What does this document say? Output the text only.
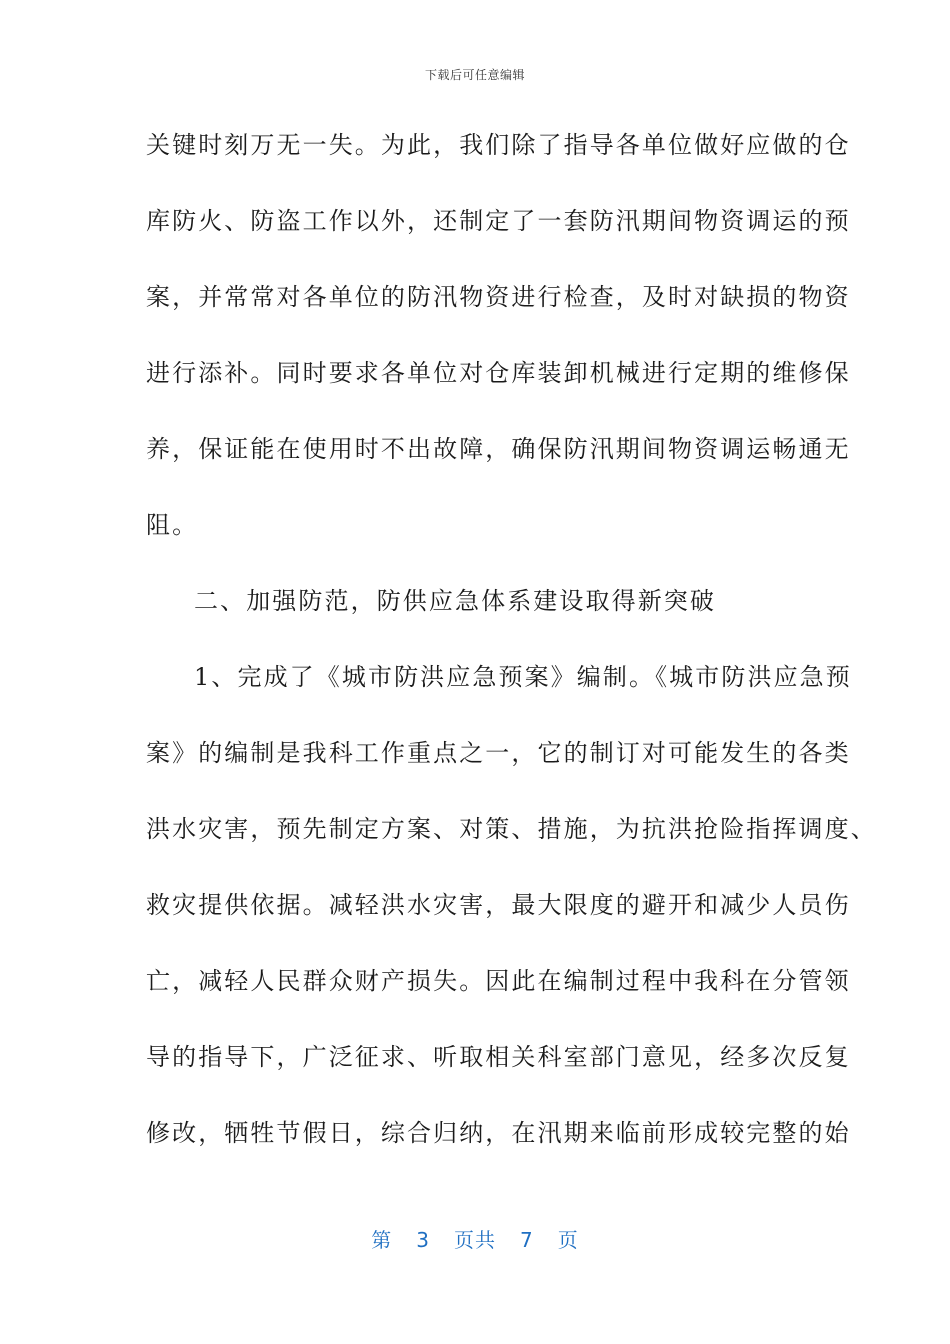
下载后可任意编辑
关键时刻万无一失。为此，我们除了指导各单位做好应做的仓
库防火、防盗工作以外，还制定了一套防汛期间物资调运的预
案，并常常对各单位的防汛物资进行检查，及时对缺损的物资
进行添补。同时要求各单位对仓库装卸机械进行定期的维修保
养，保证能在使用时不出故障，确保防汛期间物资调运畅通无
阻。
二、加强防范，防供应急体系建设取得新突破
1、完成了《城市防洪应急预案》编制。《城市防洪应急预
案》的编制是我科工作重点之一，它的制订对可能发生的各类
洪水灾害，预先制定方案、对策、措施，为抗洪抢险指挥调度、
救灾提供依据。减轻洪水灾害，最大限度的避开和减少人员伤
亡，减轻人民群众财产损失。因此在编制过程中我科在分管领
导的指导下，广泛征求、听取相关科室部门意见，经多次反复
修改，牺牲节假日，综合归纳，在汛期来临前形成较完整的始
第 3 页共 7 页
